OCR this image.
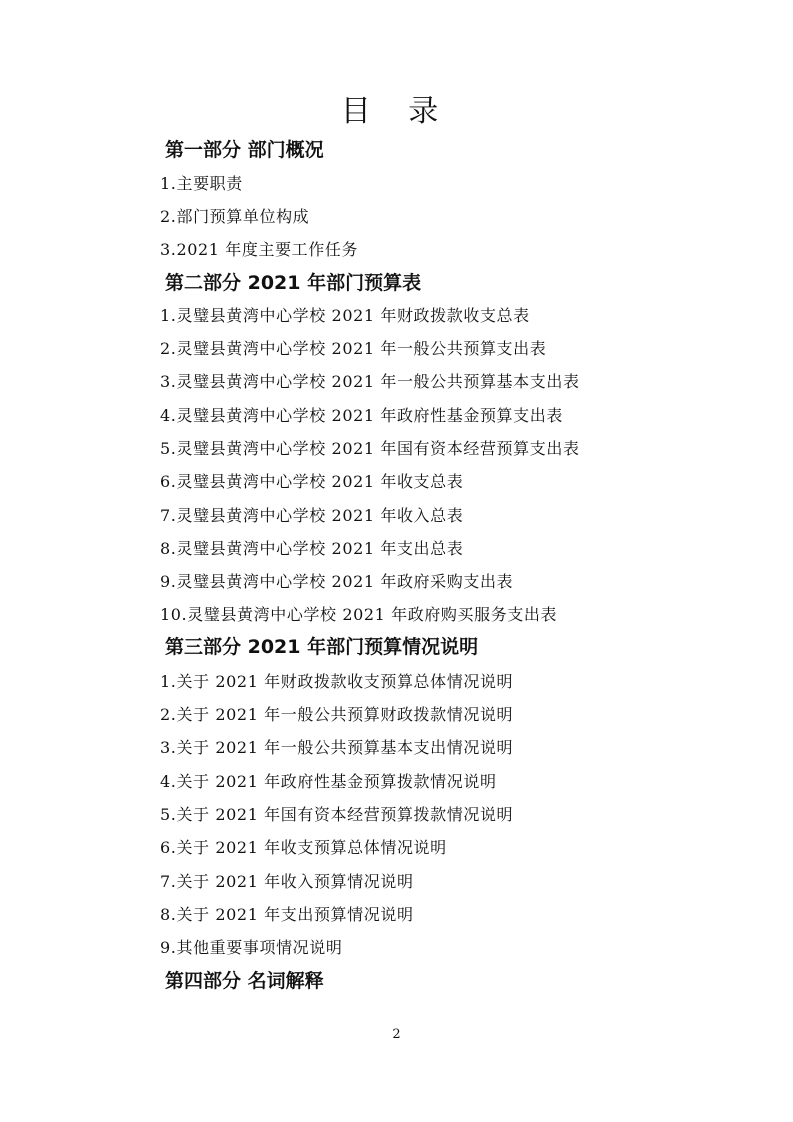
目 录
第一部分 部门概况
1.主要职责
2.部门预算单位构成
3.2021 年度主要工作任务
第二部分 2021 年部门预算表
1.灵璧县黄湾中心学校 2021 年财政拨款收支总表
2.灵璧县黄湾中心学校 2021 年一般公共预算支出表
3.灵璧县黄湾中心学校 2021 年一般公共预算基本支出表
4.灵璧县黄湾中心学校 2021 年政府性基金预算支出表
5.灵璧县黄湾中心学校 2021 年国有资本经营预算支出表
6.灵璧县黄湾中心学校 2021 年收支总表
7.灵璧县黄湾中心学校 2021 年收入总表
8.灵璧县黄湾中心学校 2021 年支出总表
9.灵璧县黄湾中心学校 2021 年政府采购支出表
10.灵璧县黄湾中心学校 2021 年政府购买服务支出表
第三部分 2021 年部门预算情况说明
1.关于 2021 年财政拨款收支预算总体情况说明
2.关于 2021 年一般公共预算财政拨款情况说明
3.关于 2021 年一般公共预算基本支出情况说明
4.关于 2021 年政府性基金预算拨款情况说明
5.关于 2021 年国有资本经营预算拨款情况说明
6.关于 2021 年收支预算总体情况说明
7.关于 2021 年收入预算情况说明
8.关于 2021 年支出预算情况说明
9.其他重要事项情况说明
第四部分 名词解释
2
